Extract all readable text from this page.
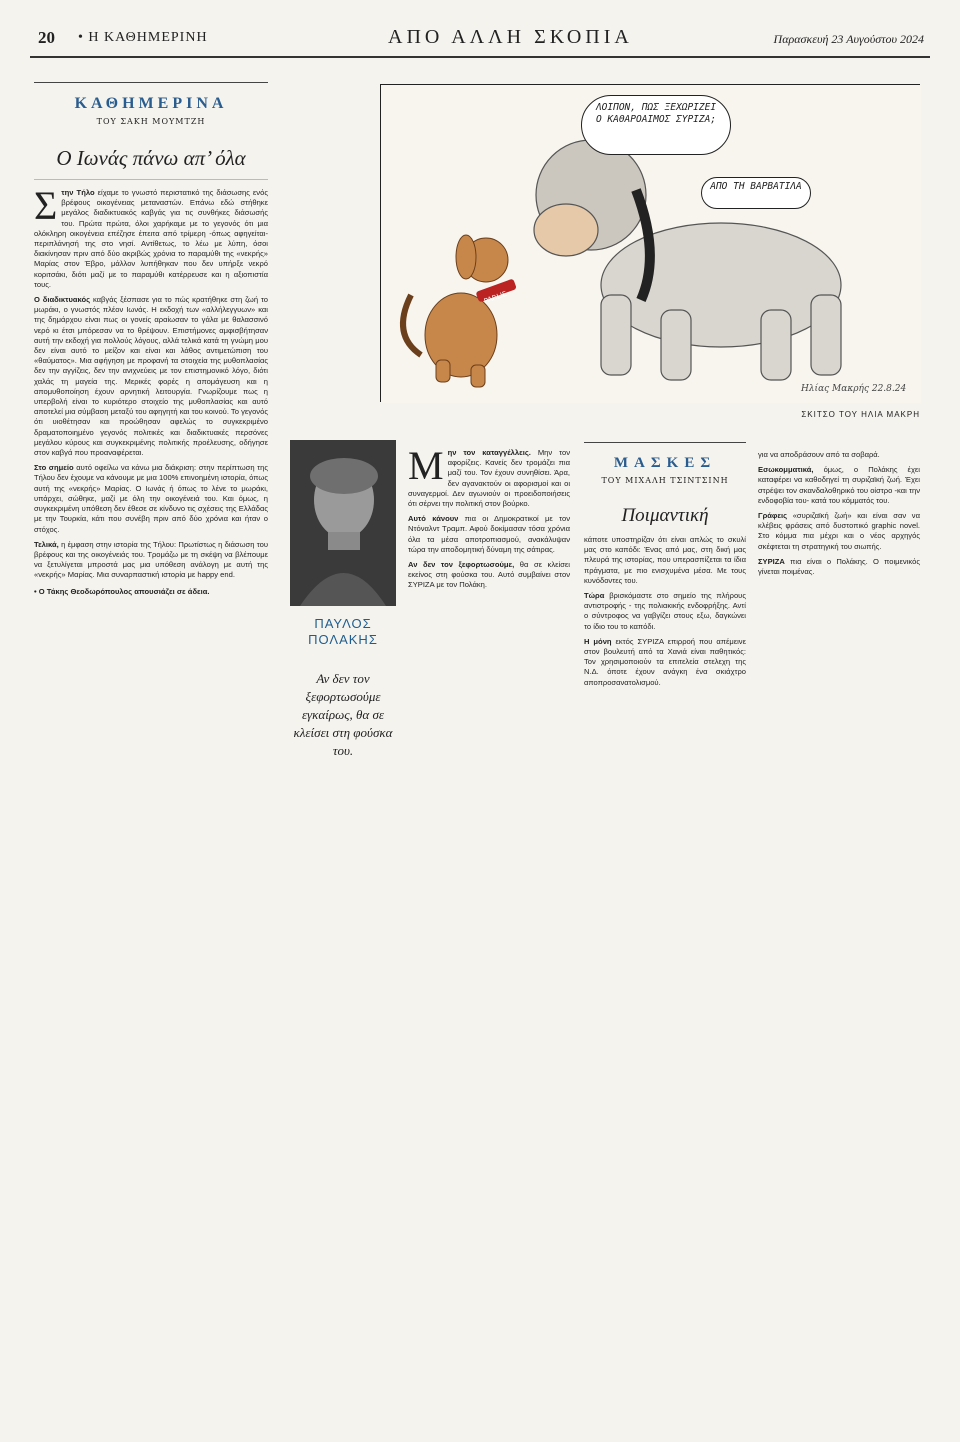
20 • Η ΚΑΘΗΜΕΡΙΝΗ	ΑΠΟ ΑΛΛΗ ΣΚΟΠΙΑ	Παρασκευή 23 Αυγούστου 2024
ΚΑΘΗΜΕΡΙΝΑ
ΤΟΥ ΣΑΚΗ ΜΟΥΜΤΖΗ
Ο Ιωνάς πάνω απ’ όλα
Σ την Τήλο είχαμε το γνωστό περιστατικό της διάσωσης ενός βρέφους οικογένειας μεταναστών. Επάνω εδώ στήθηκε μεγάλος διαδικτυακός καβγάς για τις συνθήκες διάσωσής του. Πρώτα πρώτα, όλοι χαρήκαμε με το γεγονός ότι μια ολόκληρη οικογένεια επέζησε έπειτα από τρίμερη -όπως αφηγείται- περιπλάνησή της στο νησί. Αντίθετως, το λέω με λύπη, όσοι διακίνησαν πριν από δύο ακριβώς χρόνια το παραμύθι της «νεκρής» Μαρίας στον Έβρο, μάλλον λυπήθηκαν που δεν υπήρξε νεκρό κοριτσάκι, διότι μαζί με το παραμύθι κατέρρευσε και η αξιοπιστία τους.

Ο διαδικτυακός καβγάς ξέσπασε για το πώς κρατήθηκε στη ζωή το μωράκι, ο γνωστός πλέον Ιωνάς. Η εκδοχή των «αλλήλεγγυων» και της δημάρχου είναι πως οι γονείς αραίωσαν το γάλα με θαλασσινό νερό κι έτσι μπόρεσαν να το θρέψουν. Επιστήμονες αμφισβήτησαν αυτή την εκδοχή για πολλούς λόγους, αλλά τελικά κατά τη γνώμη μου δεν είναι αυτό το μείζον και είναι και λάθος αντιμετώπιση του «θαύματος». Μια αφήγηση με προφανή τα στοιχεία της μυθοπλασίας δεν την αγγίζεις, δεν την ανιχνεύεις με τον επιστημονικό λόγο, διότι χαλάς τη μαγεία της. Μερικές φορές η απομάγευση και η απομυθοποίηση έχουν αρνητική λειτουργία. Γνωρίζουμε πως η υπερβολή είναι το κυριότερο στοιχείο της μυθοπλασίας και αυτό αποτελεί μια σύμβαση μεταξύ του αφηγητή και του κοινού. Το γεγονός ότι υιοθέτησαν και προώθησαν αφελώς το συγκεκριμένο δραματοποιημένο γεγονός πολιτικές και διαδικτυακές περσόνες μεγάλου κύρους και συγκεκριμένης πολιτικής προέλευσης, οδήγησε στον καβγά που προαναφέρεται.

Στο σημείο αυτό οφείλω να κάνω μια διάκριση: στην περίπτωση της Τήλου δεν έχουμε να κάνουμε με μια 100% επινοημένη ιστορία, όπως αυτή της «νεκρής» Μαρίας. Ο Ιωνάς ή όπως το λένε το μωράκι, υπάρχει, σώθηκε, μαζί με όλη την οικογένειά του. Και όμως, η συγκεκριμένη υπόθεση δεν έθεσε σε κίνδυνο τις σχέσεις της Ελλάδας με την Τουρκία, κάτι που συνέβη πριν από δύο χρόνια και ήταν ο στόχος.

Τελικά, η έμφαση στην ιστορία της Τήλου: Πρωτίστως η διάσωση του βρέφους και της οικογένειάς του. Τρομάζω με τη σκέψη να βλέπουμε να ξετυλίγεται μπροστά μας μια υπόθεση ανάλογη με αυτή της «νεκρής» Μαρίας. Μια συναρπαστική ιστορία με happy end.

• Ο Τάκης Θεοδωρόπουλος απουσιάζει σε άδεια.
PARLIE
Ηλίας Μακρής 22.8.24
ΛΟΙΠΟΝ, ΠΩΣ ΞΕΧΩΡΙΖΕΙ Ο ΚΑΘΑΡΟΑΙΜΟΣ ΣΥΡΙΖΑ;
ΑΠΟ ΤΗ ΒΑΡΒΑΤΙΛΑ
ΣΚΙΤΣΟ ΤΟΥ ΗΛΙΑ ΜΑΚΡΗ
ΠΑΥΛΟΣ
ΠΟΛΑΚΗΣ
Αν δεν τον ξεφορτωσούμε εγκαίρως, θα σε κλείσει στη φούσκα του.
Μ ην τον καταγγέλλεις. Μην τον αφορίζεις. Κανείς δεν τρομάζει πια μαζί του. Τον έχουν συνηθίσει. Άρα, δεν αγανακτούν οι αφορισμοί και οι συναγερμοί. Δεν αγωνιούν οι προειδοποιήσεις ότι σέρνει την πολιτική στον βούρκο.

Αυτό κάνουν πια οι Δημοκρατικοί με τον Ντόναλντ Τραμπ. Αφού δοκίμασαν τόσα χρόνια όλα τα μέσα αποτροπιασμού, ανακάλυψαν τώρα την αποδομητική δύναμη της σάτιρας.

Αν δεν τον ξεφορτωσούμε, θα σε κλείσει εκείνος στη φούσκα του. Αυτό συμβαίνει στον ΣΥΡΙΖΑ με τον Πολάκη.

ΜΑΣΚΕΣ
ΤΟΥ ΜΙΧΑΛΗ ΤΣΙΝΤΣΙΝΗ
Ποιμαντική

κάποτε υποστηρίζαν ότι είναι απλώς το σκυλί μας στο καπόδι: Ένας από μας, στη δική μας πλευρά της ιστορίας, που υπερασπίζεται τα ίδια πράγματα, με πιο ενισχυμένα μέσα. Με τους κυνόδοντες του.

Τώρα βρισκόμαστε στο σημείο της πλήρους αντιστροφής - της πολιακικής ενδοφρήξης. Αντί ο σύντροφος να γαβγίζει στους εξω, δαγκώνει το ίδιο του το καπόδι.

Η μόνη εκτός ΣΥΡΙΖΑ επιρροή που απέμεινε στον βουλευτή από τα Χανιά είναι παθητικός: Τον χρησιμοποιούν τα επιτελεία στελεχη της Ν.Δ. όποτε έχουν ανάγκη ένα σκιάχτρο αποπροσανατολισμού.

για να αποδράσουν από τα σοβαρά.

Εσωκομματικά, όμως, ο Πολάκης έχει καταφέρει να καθοδηγεί τη συριζαϊκή ζωή. Έχει στρέψει τον σκανδαλοθηρικό του οίστρο -και την ενδοφοβία του- κατά του κόμματός του.

Γράφεις «συριζαϊκή ζωή» και είναι σαν να κλέβεις φράσεις από δυστοπικό graphic novel. Στο κόμμα πια μέχρι και ο νέος αρχηγός σκέφτεται τη στρατηγική του σιωπής.

ΣΥΡΙΖΑ πια είναι ο Πολάκης. Ο ποιμενικός γίνεται ποιμένας.
